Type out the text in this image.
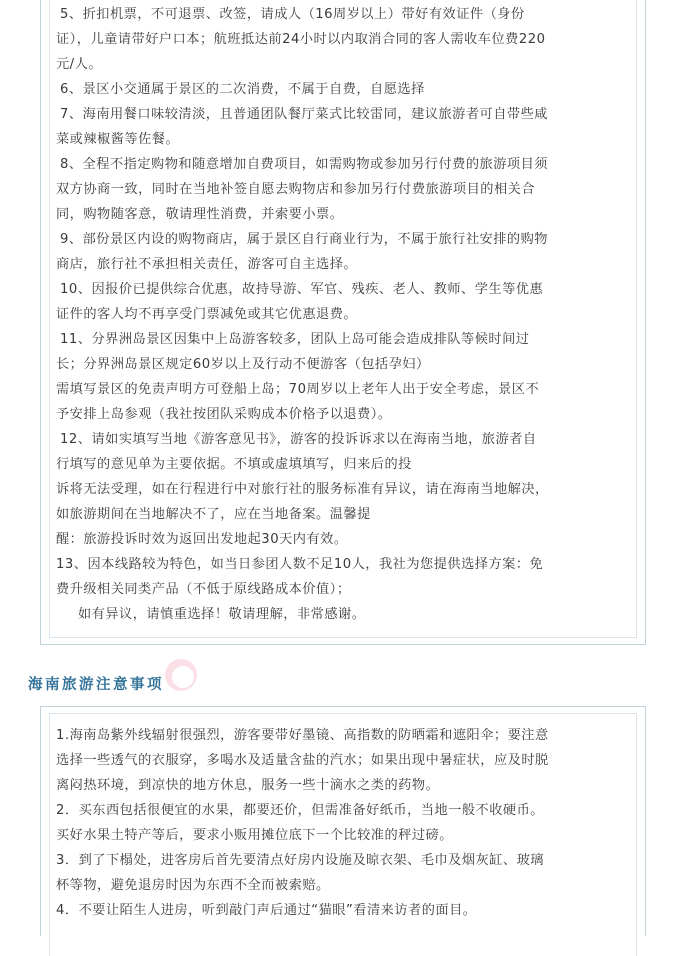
5、折扣机票，不可退票、改签，请成人（16周岁以上）带好有效证件（身份
证），儿童请带好户口本；航班抵达前24小时以内取消合同的客人需收车位费220
元/人。
6、景区小交通属于景区的二次消费，不属于自费，自愿选择
7、海南用餐口味较清淡，且普通团队餐厅菜式比较雷同，建议旅游者可自带些咸
菜或辣椒酱等佐餐。
8、全程不指定购物和随意增加自费项目，如需购物或参加另行付费的旅游项目须
双方协商一致，同时在当地补签自愿去购物店和参加另行付费旅游项目的相关合
同，购物随客意，敬请理性消费，并索要小票。
9、部份景区内设的购物商店，属于景区自行商业行为，不属于旅行社安排的购物
商店，旅行社不承担相关责任，游客可自主选择。
10、因报价已提供综合优惠，故持导游、军官、残疾、老人、教师、学生等优惠
证件的客人均不再享受门票减免或其它优惠退费。
11、分界洲岛景区因集中上岛游客较多，团队上岛可能会造成排队等候时间过
长；分界洲岛景区规定60岁以上及行动不便游客（包括孕妇）
需填写景区的免责声明方可登船上岛；70周岁以上老年人出于安全考虑，景区不
予安排上岛参观（我社按团队采购成本价格予以退费）。
12、请如实填写当地《游客意见书》，游客的投诉诉求以在海南当地，旅游者自
行填写的意见单为主要依据。不填或虚填填写，归来后的投
诉将无法受理，如在行程进行中对旅行社的服务标准有异议，请在海南当地解决，
如旅游期间在当地解决不了，应在当地备案。温馨提
醒：旅游投诉时效为返回出发地起30天内有效。
13、因本线路较为特色，如当日参团人数不足10人，我社为您提供选择方案：免
费升级相关同类产品（不低于原线路成本价值）；
如有异议，请慎重选择！敬请理解，非常感谢。
海南旅游注意事项
1.海南岛紫外线辐射很强烈，游客要带好墨镜、高指数的防晒霜和遮阳伞；要注意
选择一些透气的衣服穿，多喝水及适量含盐的汽水；如果出现中暑症状，应及时脱
离闷热环境，到凉快的地方休息，服务一些十滴水之类的药物。
2．买东西包括很便宜的水果，都要还价，但需准备好纸币，当地一般不收硬币。
买好水果土特产等后，要求小贩用摊位底下一个比较准的秤过磅。
3．到了下榻处，进客房后首先要清点好房内设施及晾衣架、毛巾及烟灰缸、玻璃
杯等物，避免退房时因为东西不全而被索赔。
4．不要让陌生人进房，听到敲门声后通过“猫眼”看清来访者的面目。
